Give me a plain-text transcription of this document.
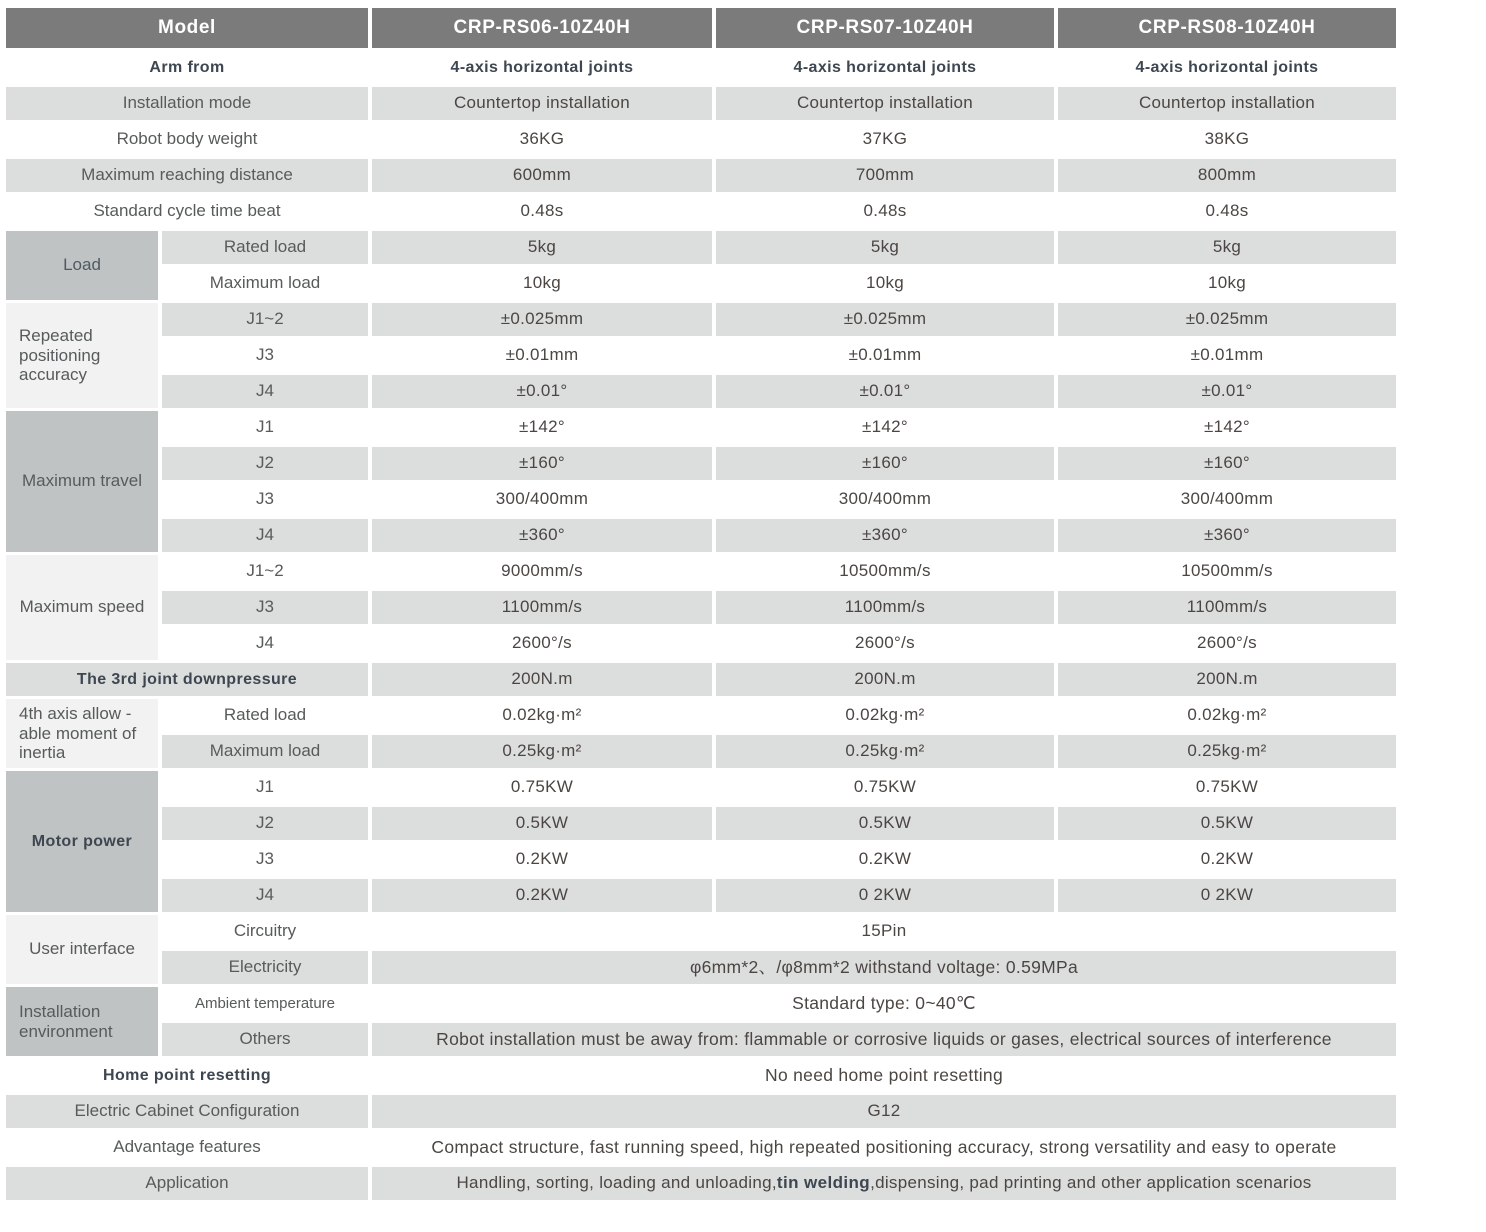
Model	CRP-RS06-10Z40H	CRP-RS07-10Z40H	CRP-RS08-10Z40H
Arm from	4-axis horizontal joints	4-axis horizontal joints	4-axis horizontal joints
Installation mode	Countertop installation	Countertop installation	Countertop installation
Robot body weight	36KG	37KG	38KG
Maximum reaching distance	600mm	700mm	800mm
Standard cycle time beat	0.48s	0.48s	0.48s
Load
Rated load	5kg	5kg	5kg
Maximum load	10kg	10kg	10kg
Repeated positioning accuracy
J1~2	±0.025mm	±0.025mm	±0.025mm
J3	±0.01mm	±0.01mm	±0.01mm
J4	±0.01°	±0.01°	±0.01°
Maximum travel
J1	±142°	±142°	±142°
J2	±160°	±160°	±160°
J3	300/400mm	300/400mm	300/400mm
J4	±360°	±360°	±360°
Maximum speed
J1~2	9000mm/s	10500mm/s	10500mm/s
J3	1100mm/s	1100mm/s	1100mm/s
J4	2600°/s	2600°/s	2600°/s
The 3rd joint downpressure	200N.m	200N.m	200N.m
4th axis allow -able moment of inertia
Rated load	0.02kg·m²	0.02kg·m²	0.02kg·m²
Maximum load	0.25kg·m²	0.25kg·m²	0.25kg·m²
Motor power
J1	0.75KW	0.75KW	0.75KW
J2	0.5KW	0.5KW	0.5KW
J3	0.2KW	0.2KW	0.2KW
J4	0.2KW	0 2KW	0 2KW
User interface
Circuitry	15Pin
Electricity	φ6mm*2、/φ8mm*2 withstand voltage: 0.59MPa
Installation environment
Ambient temperature	Standard type: 0~40℃
Others	Robot installation must be away from: flammable or corrosive liquids or gases, electrical sources of interference
Home point resetting	No need home point resetting
Electric Cabinet Configuration	G12
Advantage features	Compact structure, fast running speed, high repeated positioning accuracy, strong versatility and easy to operate
Application	Handling, sorting, loading and unloading, tin welding ,dispensing, pad printing and other application scenarios
